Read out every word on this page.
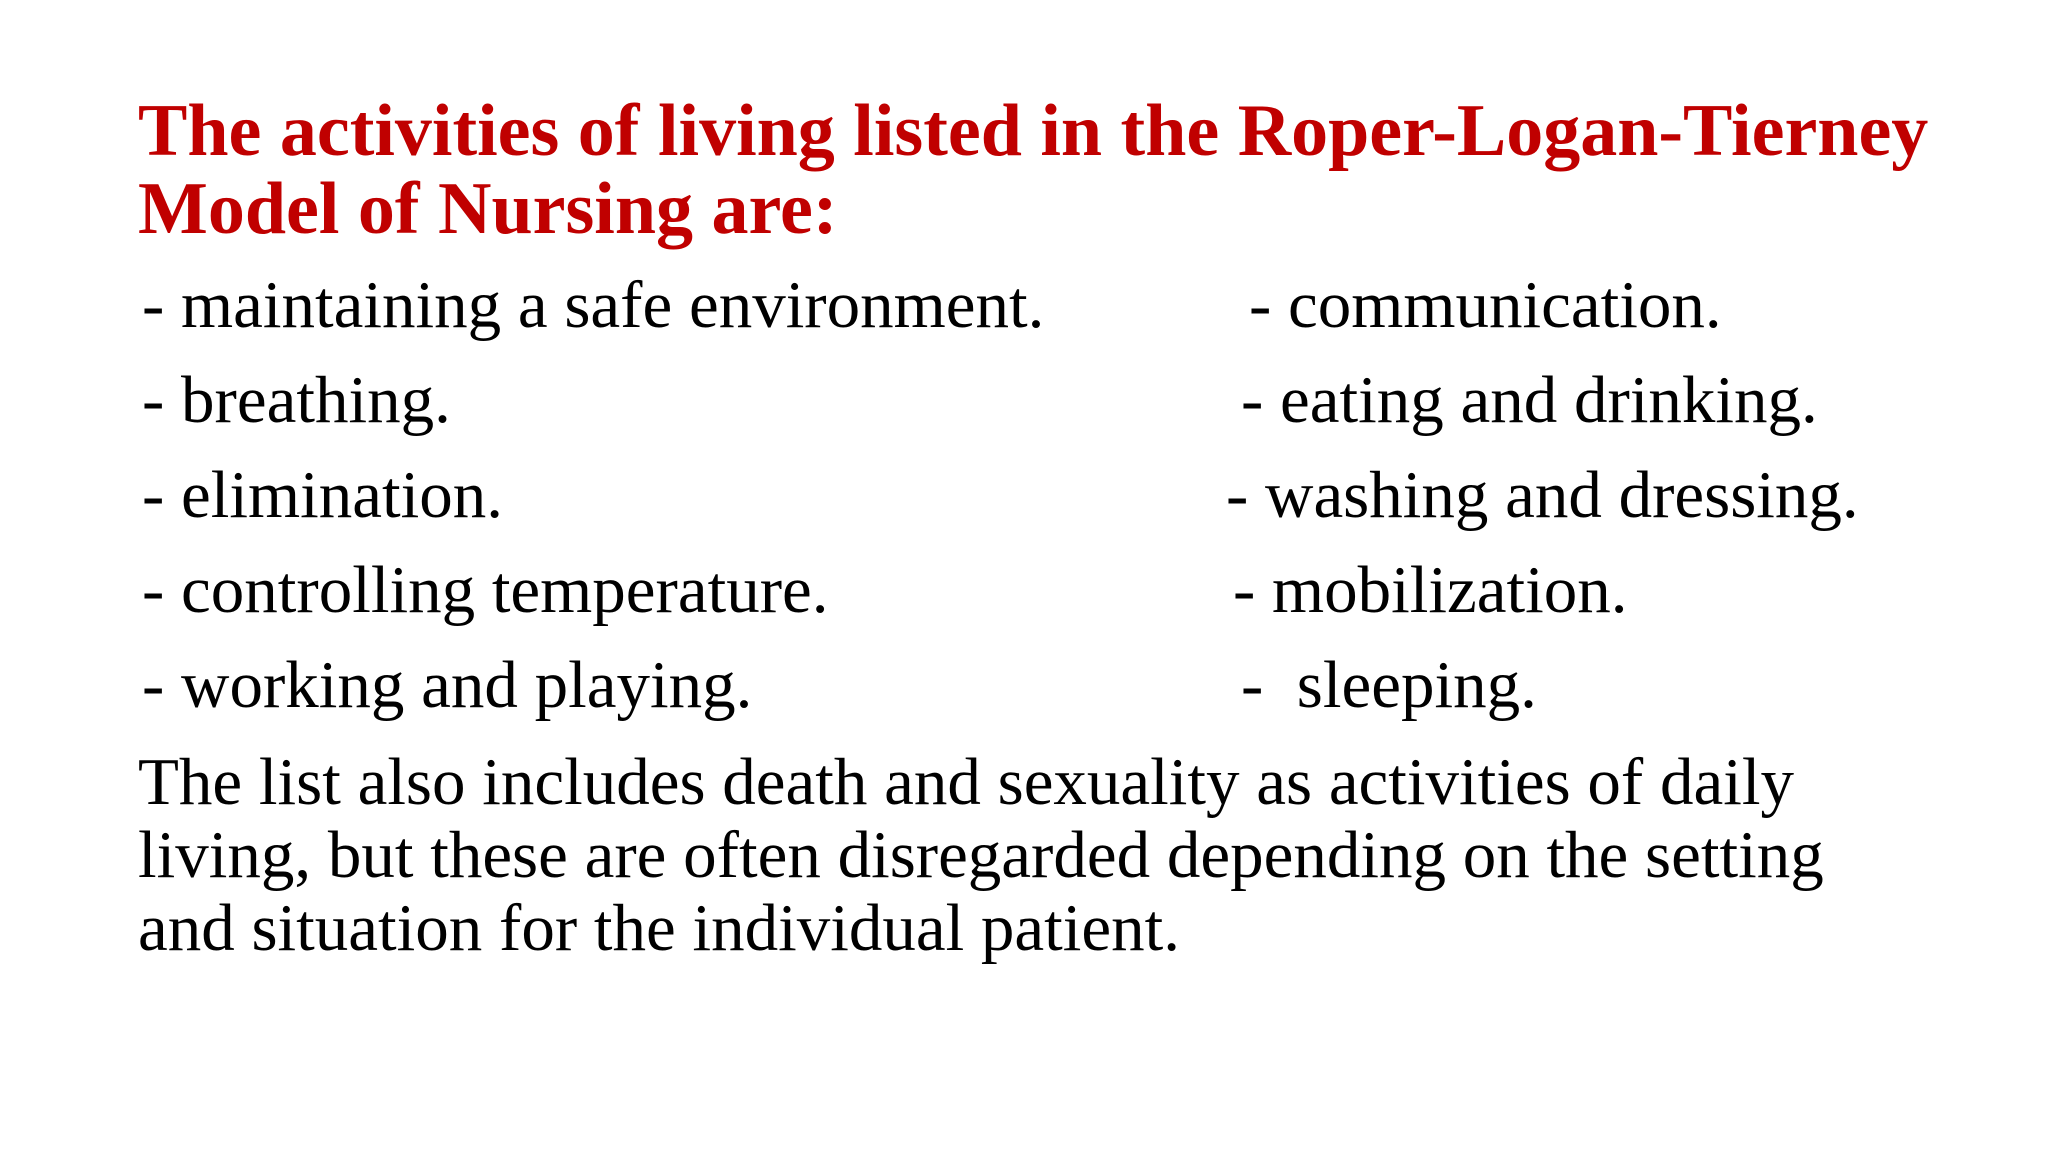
The activities of living listed in the Roper-Logan-Tierney Model of Nursing are:
- maintaining a safe environment.
- breathing.
- elimination.
- controlling temperature.
- working and playing.
- communication.
- eating and drinking.
- washing and dressing.
- mobilization.
-  sleeping.

The list also includes death and sexuality as activities of daily living, but these are often disregarded depending on the setting and situation for the individual patient.
